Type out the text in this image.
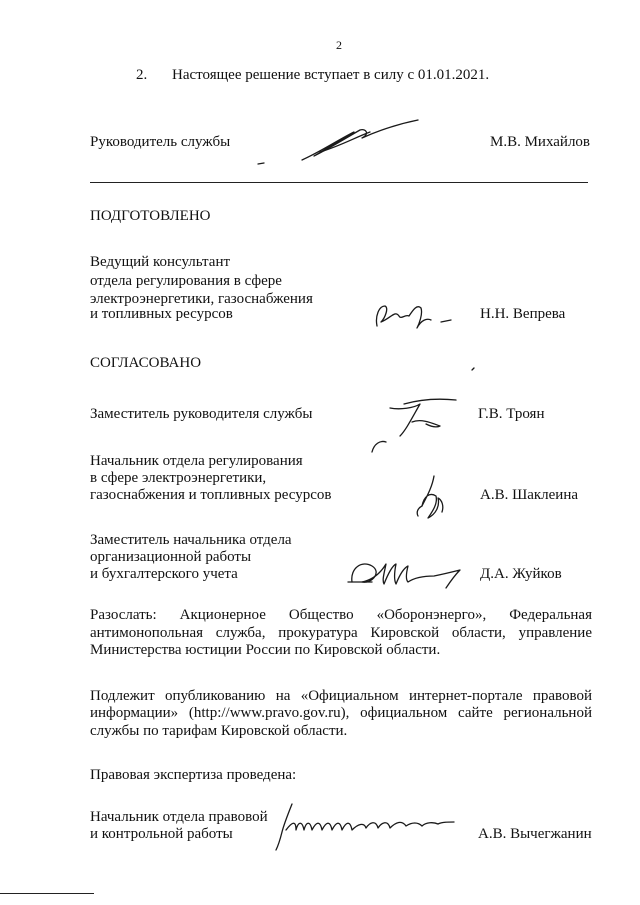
2
2. Настоящее решение вступает в силу с 01.01.2021.
Руководитель службы	М.В. Михайлов
ПОДГОТОВЛЕНО
Ведущий консультант
отдела регулирования в сфере
электроэнергетики, газоснабжения
и топливных ресурсов	Н.Н. Вепрева
СОГЛАСОВАНО
Заместитель руководителя службы	Г.В. Троян
Начальник отдела регулирования
в сфере электроэнергетики,
газоснабжения и топливных ресурсов	А.В. Шаклеина
Заместитель начальника отдела
организационной работы
и бухгалтерского учета	Д.А. Жуйков
Разослать: Акционерное Общество «Оборонэнерго», Федеральная
антимонопольная служба, прокуратура Кировской области, управление
Министерства юстиции России по Кировской области.
Подлежит опубликованию на «Официальном интернет-портале правовой
информации» (http://www.pravo.gov.ru), официальном сайте региональной
службы по тарифам Кировской области.
Правовая экспертиза проведена:
Начальник отдела правовой
и контрольной работы	А.В. Вычегжанин
